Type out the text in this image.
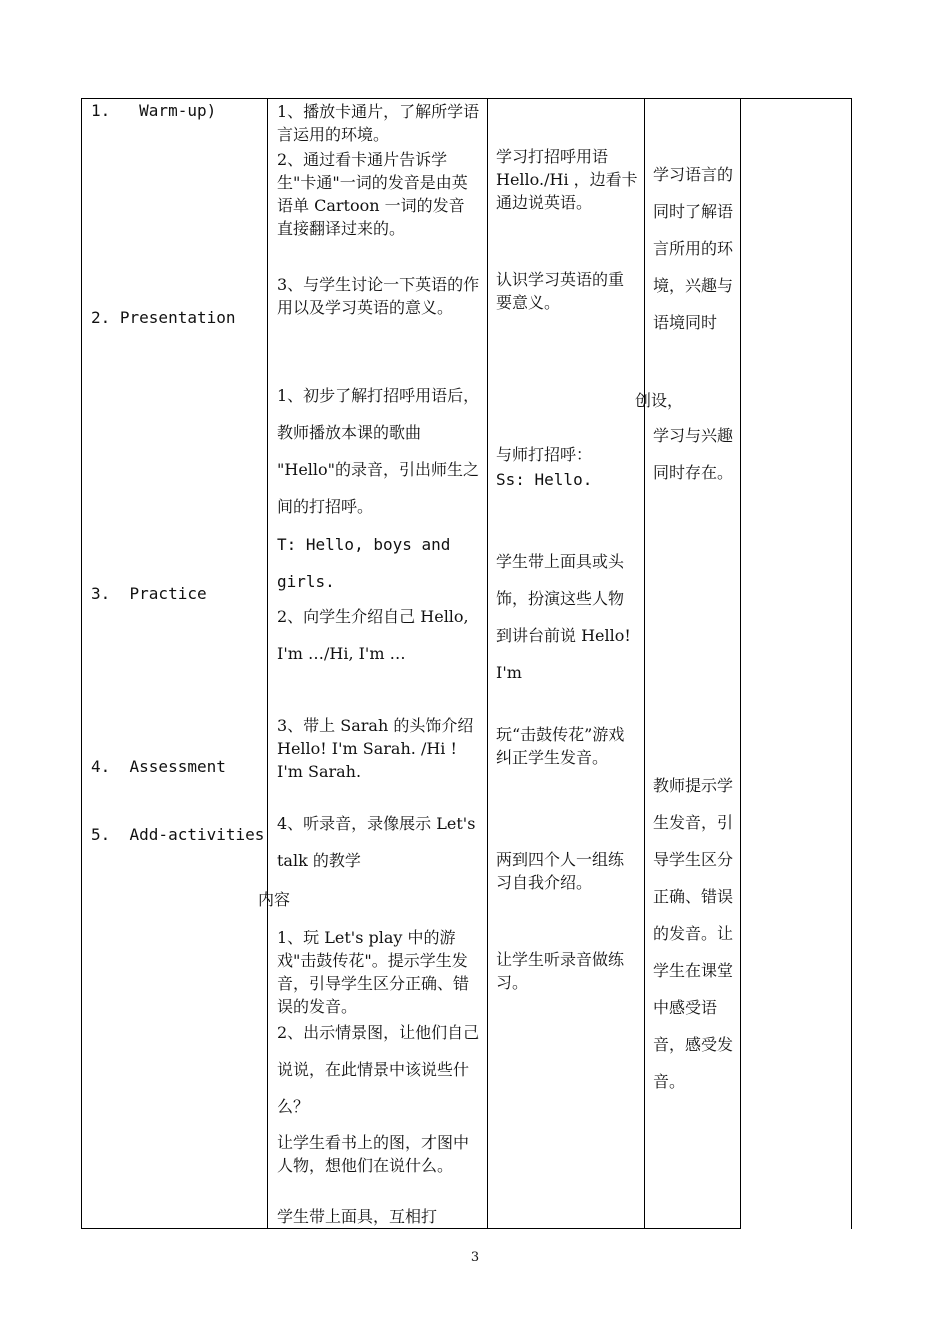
1.   Warm-up)
2. Presentation
3.  Practice
4.  Assessment
5.  Add-activities
1、播放卡通片，了解所学语言运用的环境。
2、通过看卡通片告诉学生"卡通"一词的发音是由英语单 Cartoon 一词的发音直接翻译过来的。
3、与学生讨论一下英语的作用以及学习英语的意义。
1、初步了解打招呼用语后，教师播放本课的歌曲 "Hello"的录音，引出师生之间的打招呼。
T: Hello, boys and girls.
2、向学生介绍自己 Hello, I'm …/Hi, I'm …
3、带上 Sarah 的头饰介绍 Hello! I'm Sarah. /Hi ! I'm Sarah.
4、听录音，录像展示 Let's talk 的教学
内容
1、玩 Let's play 中的游戏"击鼓传花"。提示学生发音，引导学生区分正确、错误的发音。
2、出示情景图，让他们自己说说，在此情景中该说些什么？
让学生看书上的图，才图中人物，想他们在说什么。
学生带上面具，互相打
学习打招呼用语 Hello./Hi ，边看卡通边说英语。
认识学习英语的重要意义。
与师打招呼：
Ss: Hello.
学生带上面具或头饰，扮演这些人物到讲台前说 Hello! I'm
玩“击鼓传花”游戏纠正学生发音。
两到四个人一组练习自我介绍。
让学生听录音做练习。
学习语言的同时了解语言所用的环境，兴趣与语境同时
创设，
学习与兴趣同时存在。
教师提示学生发音，引导学生区分正确、错误的发音。让学生在课堂中感受语音，感受发音。
3
